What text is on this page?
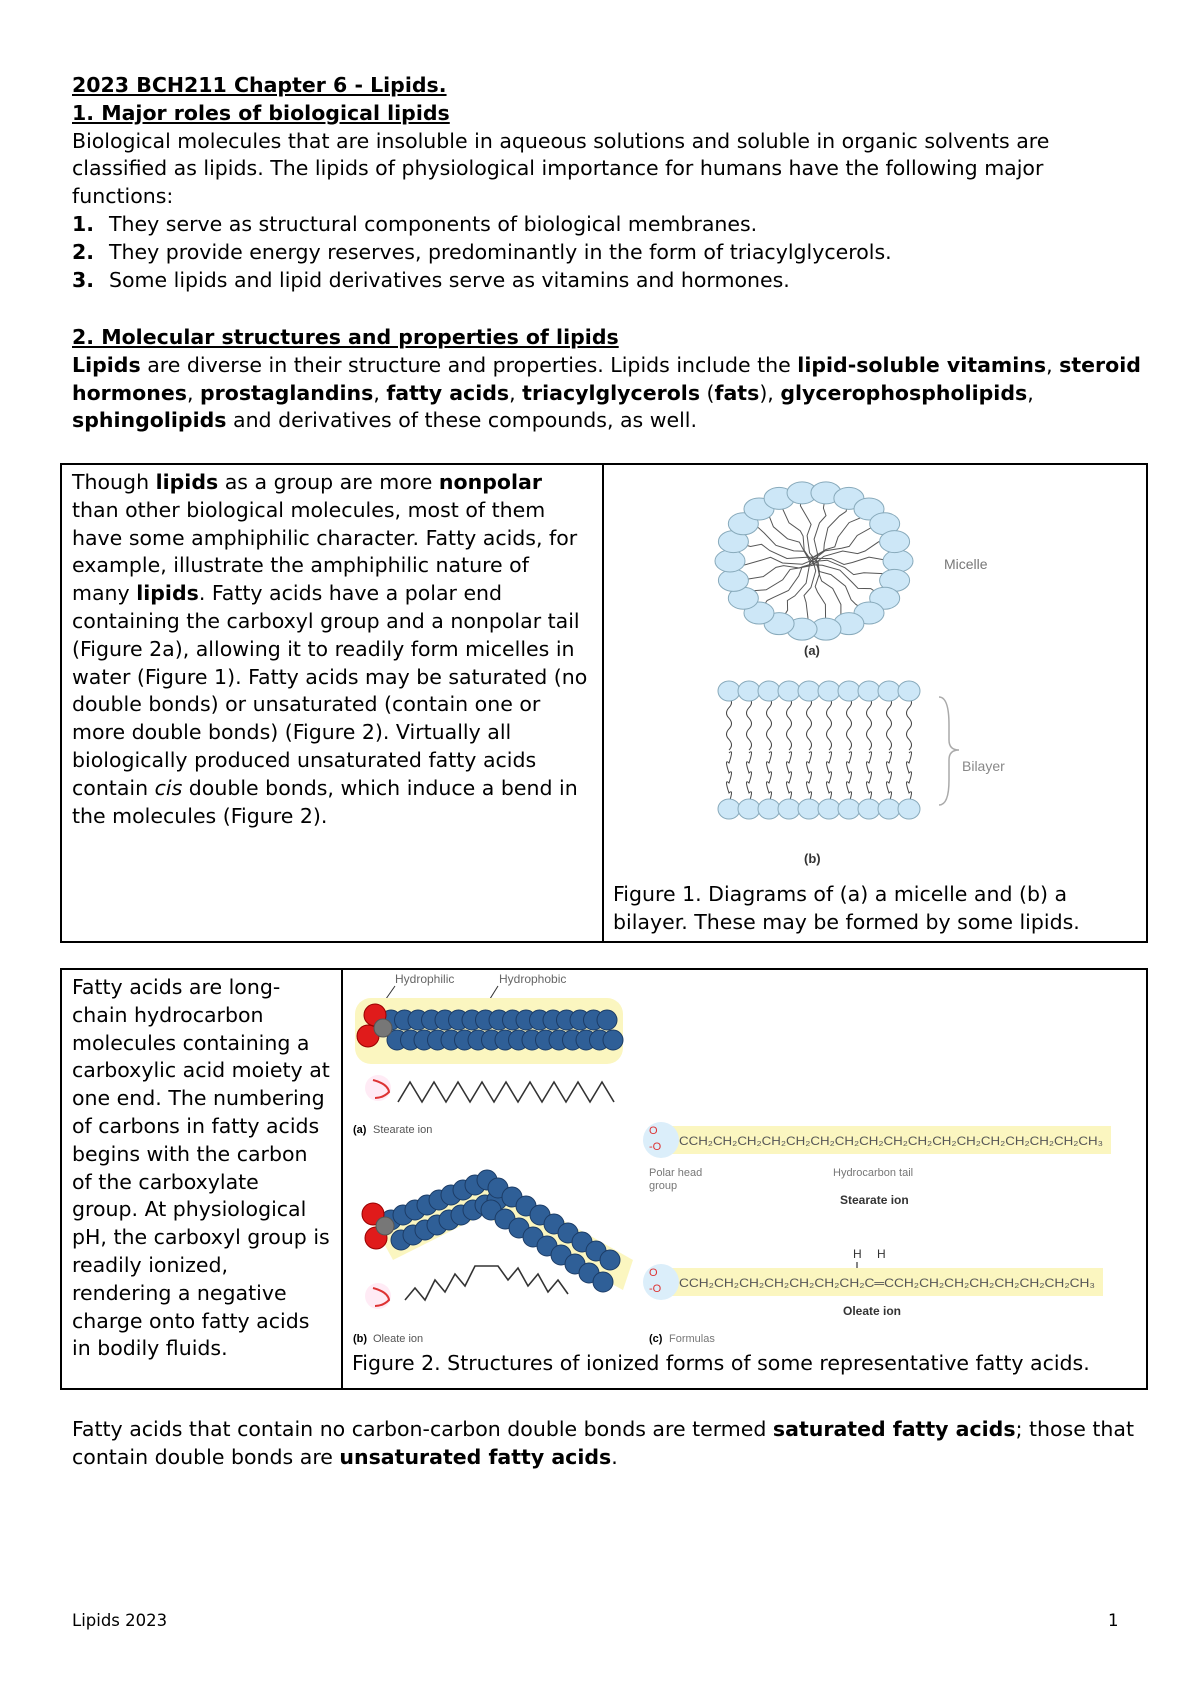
2023 BCH211 Chapter 6 - Lipids.
1. Major roles of biological lipids
Biological molecules that are insoluble in aqueous solutions and soluble in organic solvents are classified as lipids. The lipids of physiological importance for humans have the following major functions:
1. They serve as structural components of biological membranes.
2. They provide energy reserves, predominantly in the form of triacylglycerols.
3. Some lipids and lipid derivatives serve as vitamins and hormones.
2. Molecular structures and properties of lipids
Lipids are diverse in their structure and properties. Lipids include the lipid-soluble vitamins, steroid hormones, prostaglandins, fatty acids, triacylglycerols (fats), glycerophospholipids, sphingolipids and derivatives of these compounds, as well.
Though lipids as a group are more nonpolar than other biological molecules, most of them have some amphiphilic character. Fatty acids, for example, illustrate the amphiphilic nature of many lipids. Fatty acids have a polar end containing the carboxyl group and a nonpolar tail (Figure 2a), allowing it to readily form micelles in water (Figure 1). Fatty acids may be saturated (no double bonds) or unsaturated (contain one or more double bonds) (Figure 2). Virtually all biologically produced unsaturated fatty acids contain cis double bonds, which induce a bend in the molecules (Figure 2).

Micelle
(a)
Bilayer
(b)
Figure 1. Diagrams of (a) a micelle and (b) a bilayer. These may be formed by some lipids.
Fatty acids are long-chain hydrocarbon molecules containing a carboxylic acid moiety at one end. The numbering of carbons in fatty acids begins with the carbon of the carboxylate group. At physiological pH, the carboxyl group is readily ionized, rendering a negative charge onto fatty acids in bodily fluids.

Hydrophilic	Hydrophobic
(a) Stearate ion
(b) Oleate ion
O
-O CCH₂CH₂CH₂CH₂CH₂CH₂CH₂CH₂CH₂CH₂CH₂CH₂CH₂CH₂CH₂CH₂CH₃
Polar head
group
Hydrocarbon tail
Stearate ion
H H
O
-O CCH₂CH₂CH₂CH₂CH₂CH₂CH₂C═CCH₂CH₂CH₂CH₂CH₂CH₂CH₂CH₃
Oleate ion
(c) Formulas
Figure 2. Structures of ionized forms of some representative fatty acids.
Fatty acids that contain no carbon-carbon double bonds are termed saturated fatty acids; those that contain double bonds are unsaturated fatty acids.
Lipids 2023	1
